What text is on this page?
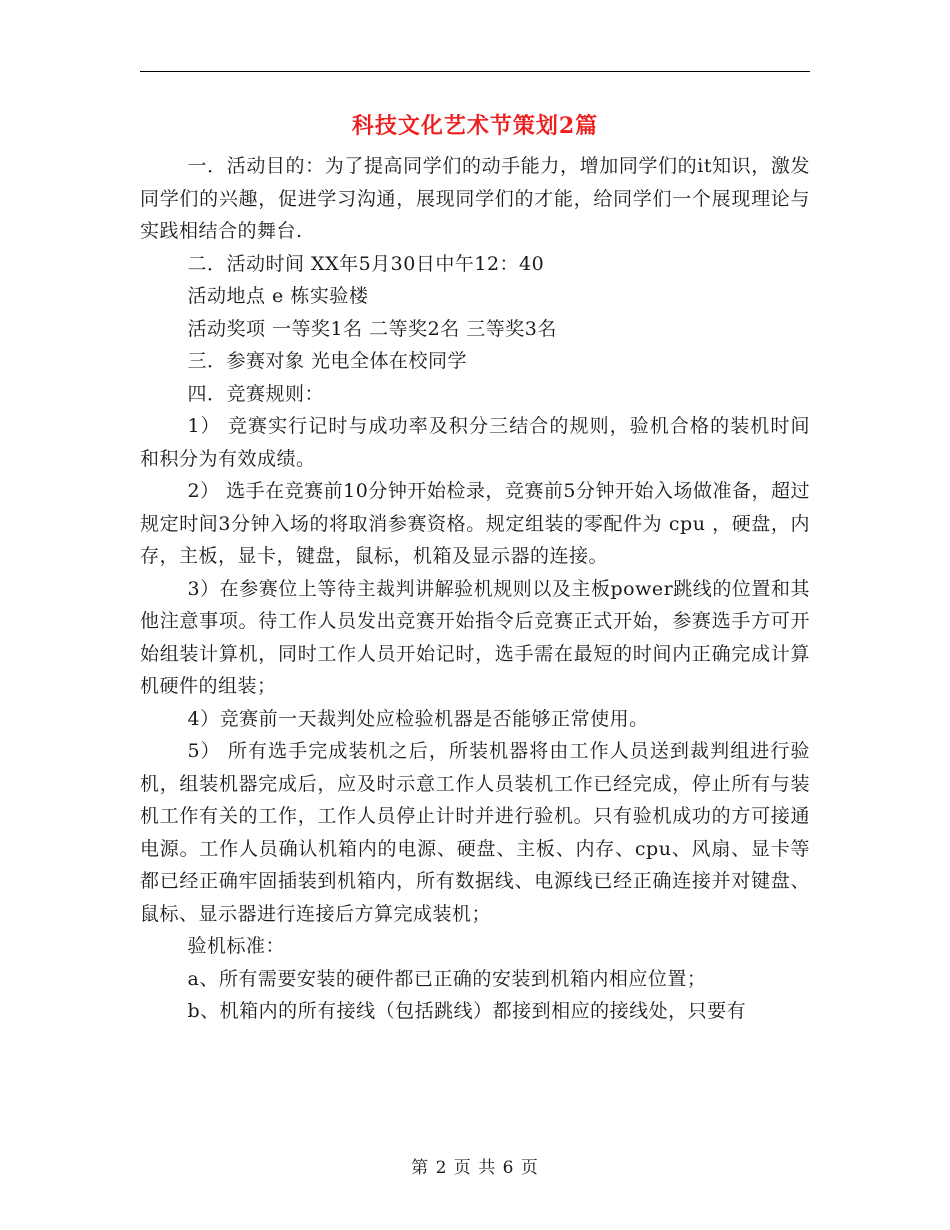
科技文化艺术节策划2篇

一．活动目的：为了提高同学们的动手能力，增加同学们的it知识，激发同学们的兴趣，促进学习沟通，展现同学们的才能，给同学们一个展现理论与实践相结合的舞台.

二．活动时间 XX年5月30日中午12：40

活动地点 e 栋实验楼

活动奖项 一等奖1名 二等奖2名 三等奖3名

三．参赛对象 光电全体在校同学

四．竞赛规则：

1） 竞赛实行记时与成功率及积分三结合的规则，验机合格的装机时间和积分为有效成绩。

2） 选手在竞赛前10分钟开始检录，竞赛前5分钟开始入场做准备，超过规定时间3分钟入场的将取消参赛资格。规定组装的零配件为 cpu ，硬盘，内存，主板，显卡，键盘，鼠标，机箱及显示器的连接。

3）在参赛位上等待主裁判讲解验机规则以及主板power跳线的位置和其他注意事项。待工作人员发出竞赛开始指令后竞赛正式开始，参赛选手方可开始组装计算机，同时工作人员开始记时，选手需在最短的时间内正确完成计算机硬件的组装；

4）竞赛前一天裁判处应检验机器是否能够正常使用。

5） 所有选手完成装机之后，所装机器将由工作人员送到裁判组进行验机，组装机器完成后，应及时示意工作人员装机工作已经完成，停止所有与装机工作有关的工作，工作人员停止计时并进行验机。只有验机成功的方可接通电源。工作人员确认机箱内的电源、硬盘、主板、内存、cpu、风扇、显卡等都已经正确牢固插装到机箱内，所有数据线、电源线已经正确连接并对键盘、鼠标、显示器进行连接后方算完成装机；

验机标准：

a、所有需要安装的硬件都已正确的安装到机箱内相应位置；

b、机箱内的所有接线（包括跳线）都接到相应的接线处，只要有

第 2 页 共 6 页
